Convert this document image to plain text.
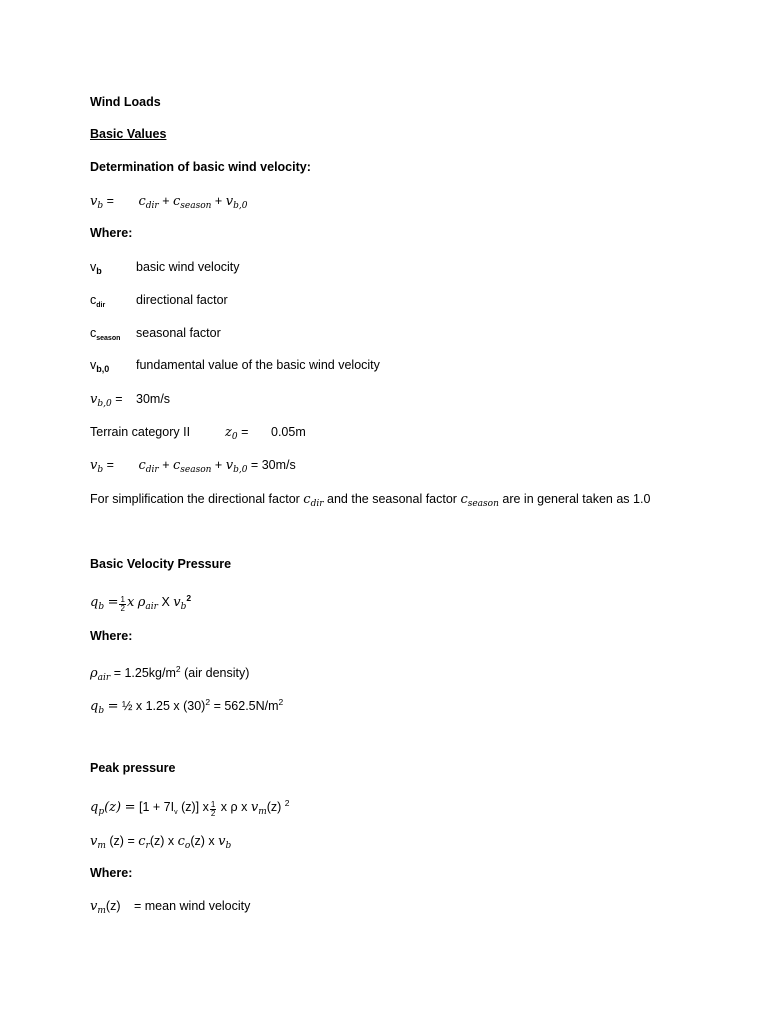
Wind Loads
Basic Values
Determination of basic wind velocity:
$v_b = c_{dir} + c_{season} + v_{b,0}$
Where:
$v_b$	basic wind velocity
$c_{dir}$ directional factor
$c_{season}$ seasonal factor
$v_{b,0}$ fundamental value of the basic wind velocity
$v_{b,0} = 30m/s$
Terrain category II	$z_0 = 0.05m$
$v_b = c_{dir} + c_{season} + v_{b,0} = 30m/s$
For simplification the directional factor $c_{dir}$ and the seasonal factor $c_{season}$ are in general taken as 1.0
Basic Velocity Pressure
$q_b = \frac{1}{2}$ x $\rho_{air}$ X $v_b^2$
Where:
$\rho_{air} = 1.25kg/m^2$ (air density)
$q_b$ = ½ x 1.25 x $(30)^2 = 562.5N/m^2$
Peak pressure
$q_p(z) = [1 + 7I_v$ (z)] x $\frac{1}{2}$ x ρ x $v_m(z)$ $^2$
$v_m$ $(z) = c_r(z)$ x $c_o(z)$ x $v_b$
Where:
$v_m(z)$ = mean wind velocity
